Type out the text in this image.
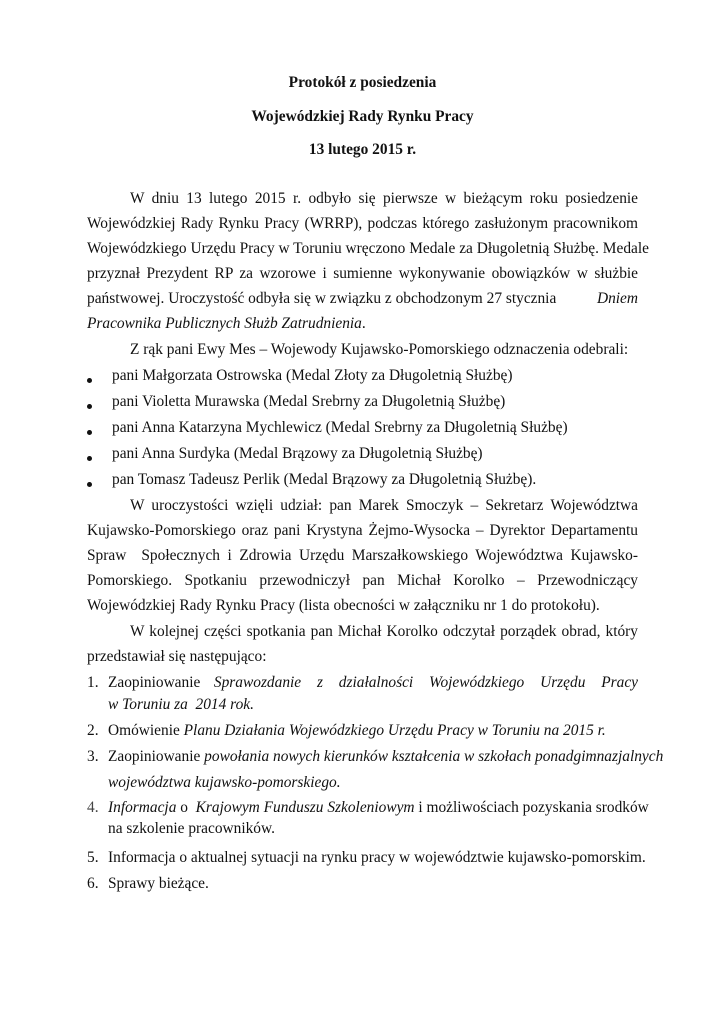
Protokół z posiedzenia
Wojewódzkiej Rady Rynku Pracy
13 lutego 2015 r.
W dniu 13 lutego 2015 r. odbyło się pierwsze w bieżącym roku posiedzenie
Wojewódzkiej Rady Rynku Pracy (WRRP), podczas którego zasłużonym pracownikom
Wojewódzkiego Urzędu Pracy w Toruniu wręczono Medale za Długoletnią Służbę. Medale
przyznał Prezydent RP za wzorowe i sumienne wykonywanie obowiązków w służbie
państwowej. Uroczystość odbyła się w związku z obchodzonym 27 stycznia Dniem
Pracownika Publicznych Służb Zatrudnienia.
Z rąk pani Ewy Mes – Wojewody Kujawsko-Pomorskiego odznaczenia odebrali:
pani Małgorzata Ostrowska (Medal Złoty za Długoletnią Służbę)
pani Violetta Murawska (Medal Srebrny za Długoletnią Służbę)
pani Anna Katarzyna Mychlewicz (Medal Srebrny za Długoletnią Służbę)
pani Anna Surdyka (Medal Brązowy za Długoletnią Służbę)
pan Tomasz Tadeusz Perlik (Medal Brązowy za Długoletnią Służbę).
W uroczystości wzięli udział: pan Marek Smoczyk – Sekretarz Województwa
Kujawsko-Pomorskiego oraz pani Krystyna Żejmo-Wysocka – Dyrektor Departamentu
Spraw  Społecznych i Zdrowia Urzędu Marszałkowskiego Województwa Kujawsko-
Pomorskiego. Spotkaniu przewodniczył pan Michał Korolko – Przewodniczący
Wojewódzkiej Rady Rynku Pracy (lista obecności w załączniku nr 1 do protokołu).
W kolejnej części spotkania pan Michał Korolko odczytał porządek obrad, który
przedstawiał się następująco:
1. Zaopiniowanie Sprawozdanie z działalności Wojewódzkiego Urzędu Pracy
w Toruniu za  2014 rok.
2. Omówienie Planu Działania Wojewódzkiego Urzędu Pracy w Toruniu na 2015 r.
3. Zaopiniowanie powołania nowych kierunków kształcenia w szkołach ponadgimnazjalnych
województwa kujawsko-pomorskiego.
4. Informacja o  Krajowym Funduszu Szkoleniowym i możliwościach pozyskania srodków
na szkolenie pracowników.
5. Informacja o aktualnej sytuacji na rynku pracy w województwie kujawsko-pomorskim.
6. Sprawy bieżące.
